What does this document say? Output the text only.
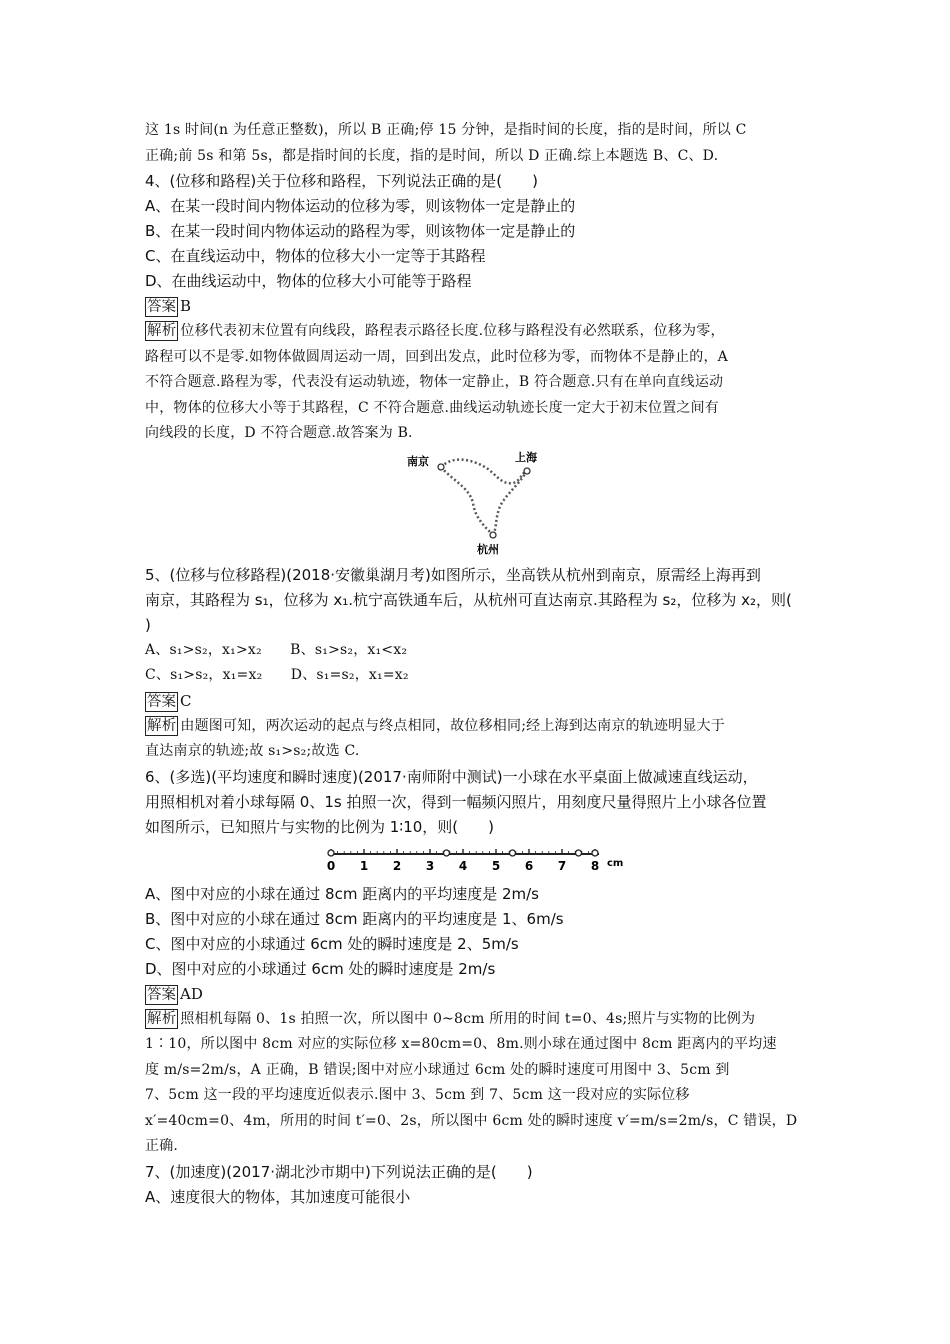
这 1s 时间(n 为任意正整数)，所以 B 正确;停 15 分钟，是指时间的长度，指的是时间，所以 C
正确;前 5s 和第 5s，都是指时间的长度，指的是时间，所以 D 正确.综上本题选 B、C、D.
4、(位移和路程)关于位移和路程，下列说法正确的是(　　)
A、在某一段时间内物体运动的位移为零，则该物体一定是静止的
B、在某一段时间内物体运动的路程为零，则该物体一定是静止的
C、在直线运动中，物体的位移大小一定等于其路程
D、在曲线运动中，物体的位移大小可能等于路程
答案 B
解析 位移代表初末位置有向线段，路程表示路径长度.位移与路程没有必然联系，位移为零，
路程可以不是零.如物体做圆周运动一周，回到出发点，此时位移为零，而物体不是静止的，A
不符合题意.路程为零，代表没有运动轨迹，物体一定静止，B 符合题意.只有在单向直线运动
中，物体的位移大小等于其路程，C 不符合题意.曲线运动轨迹长度一定大于初末位置之间有
向线段的长度，D 不符合题意.故答案为 B.
南京	上海
杭州
5、(位移与位移路程)(2018·安徽巢湖月考)如图所示，坐高铁从杭州到南京，原需经上海再到
南京，其路程为 s₁，位移为 x₁.杭宁高铁通车后，从杭州可直达南京.其路程为 s₂，位移为 x₂，则(
)
A、s₁>s₂，x₁>x₂　　B、s₁>s₂，x₁<x₂
C、s₁>s₂，x₁=x₂　　D、s₁=s₂，x₁=x₂
答案 C
解析 由题图可知，两次运动的起点与终点相同，故位移相同;经上海到达南京的轨迹明显大于
直达南京的轨迹;故 s₁>s₂;故选 C.
6、(多选)(平均速度和瞬时速度)(2017·南师附中测试)一小球在水平桌面上做减速直线运动，
用照相机对着小球每隔 0、1s 拍照一次，得到一幅频闪照片，用刻度尺量得照片上小球各位置
如图所示，已知照片与实物的比例为 1∶10，则(　　)
0 1 2 3 4 5 6 7 8 cm
A、图中对应的小球在通过 8cm 距离内的平均速度是 2m/s
B、图中对应的小球在通过 8cm 距离内的平均速度是 1、6m/s
C、图中对应的小球通过 6cm 处的瞬时速度是 2、5m/s
D、图中对应的小球通过 6cm 处的瞬时速度是 2m/s
答案 AD
解析 照相机每隔 0、1s 拍照一次，所以图中 0~8cm 所用的时间 t=0、4s;照片与实物的比例为
1∶10，所以图中 8cm 对应的实际位移 x=80cm=0、8m.则小球在通过图中 8cm 距离内的平均速
度 m/s=2m/s，A 正确，B 错误;图中对应小球通过 6cm 处的瞬时速度可用图中 3、5cm 到
7、5cm 这一段的平均速度近似表示.图中 3、5cm 到 7、5cm 这一段对应的实际位移
x′=40cm=0、4m，所用的时间 t′=0、2s，所以图中 6cm 处的瞬时速度 v′=m/s=2m/s，C 错误，D
正确.
7、(加速度)(2017·湖北沙市期中)下列说法正确的是(　　)
A、速度很大的物体，其加速度可能很小
